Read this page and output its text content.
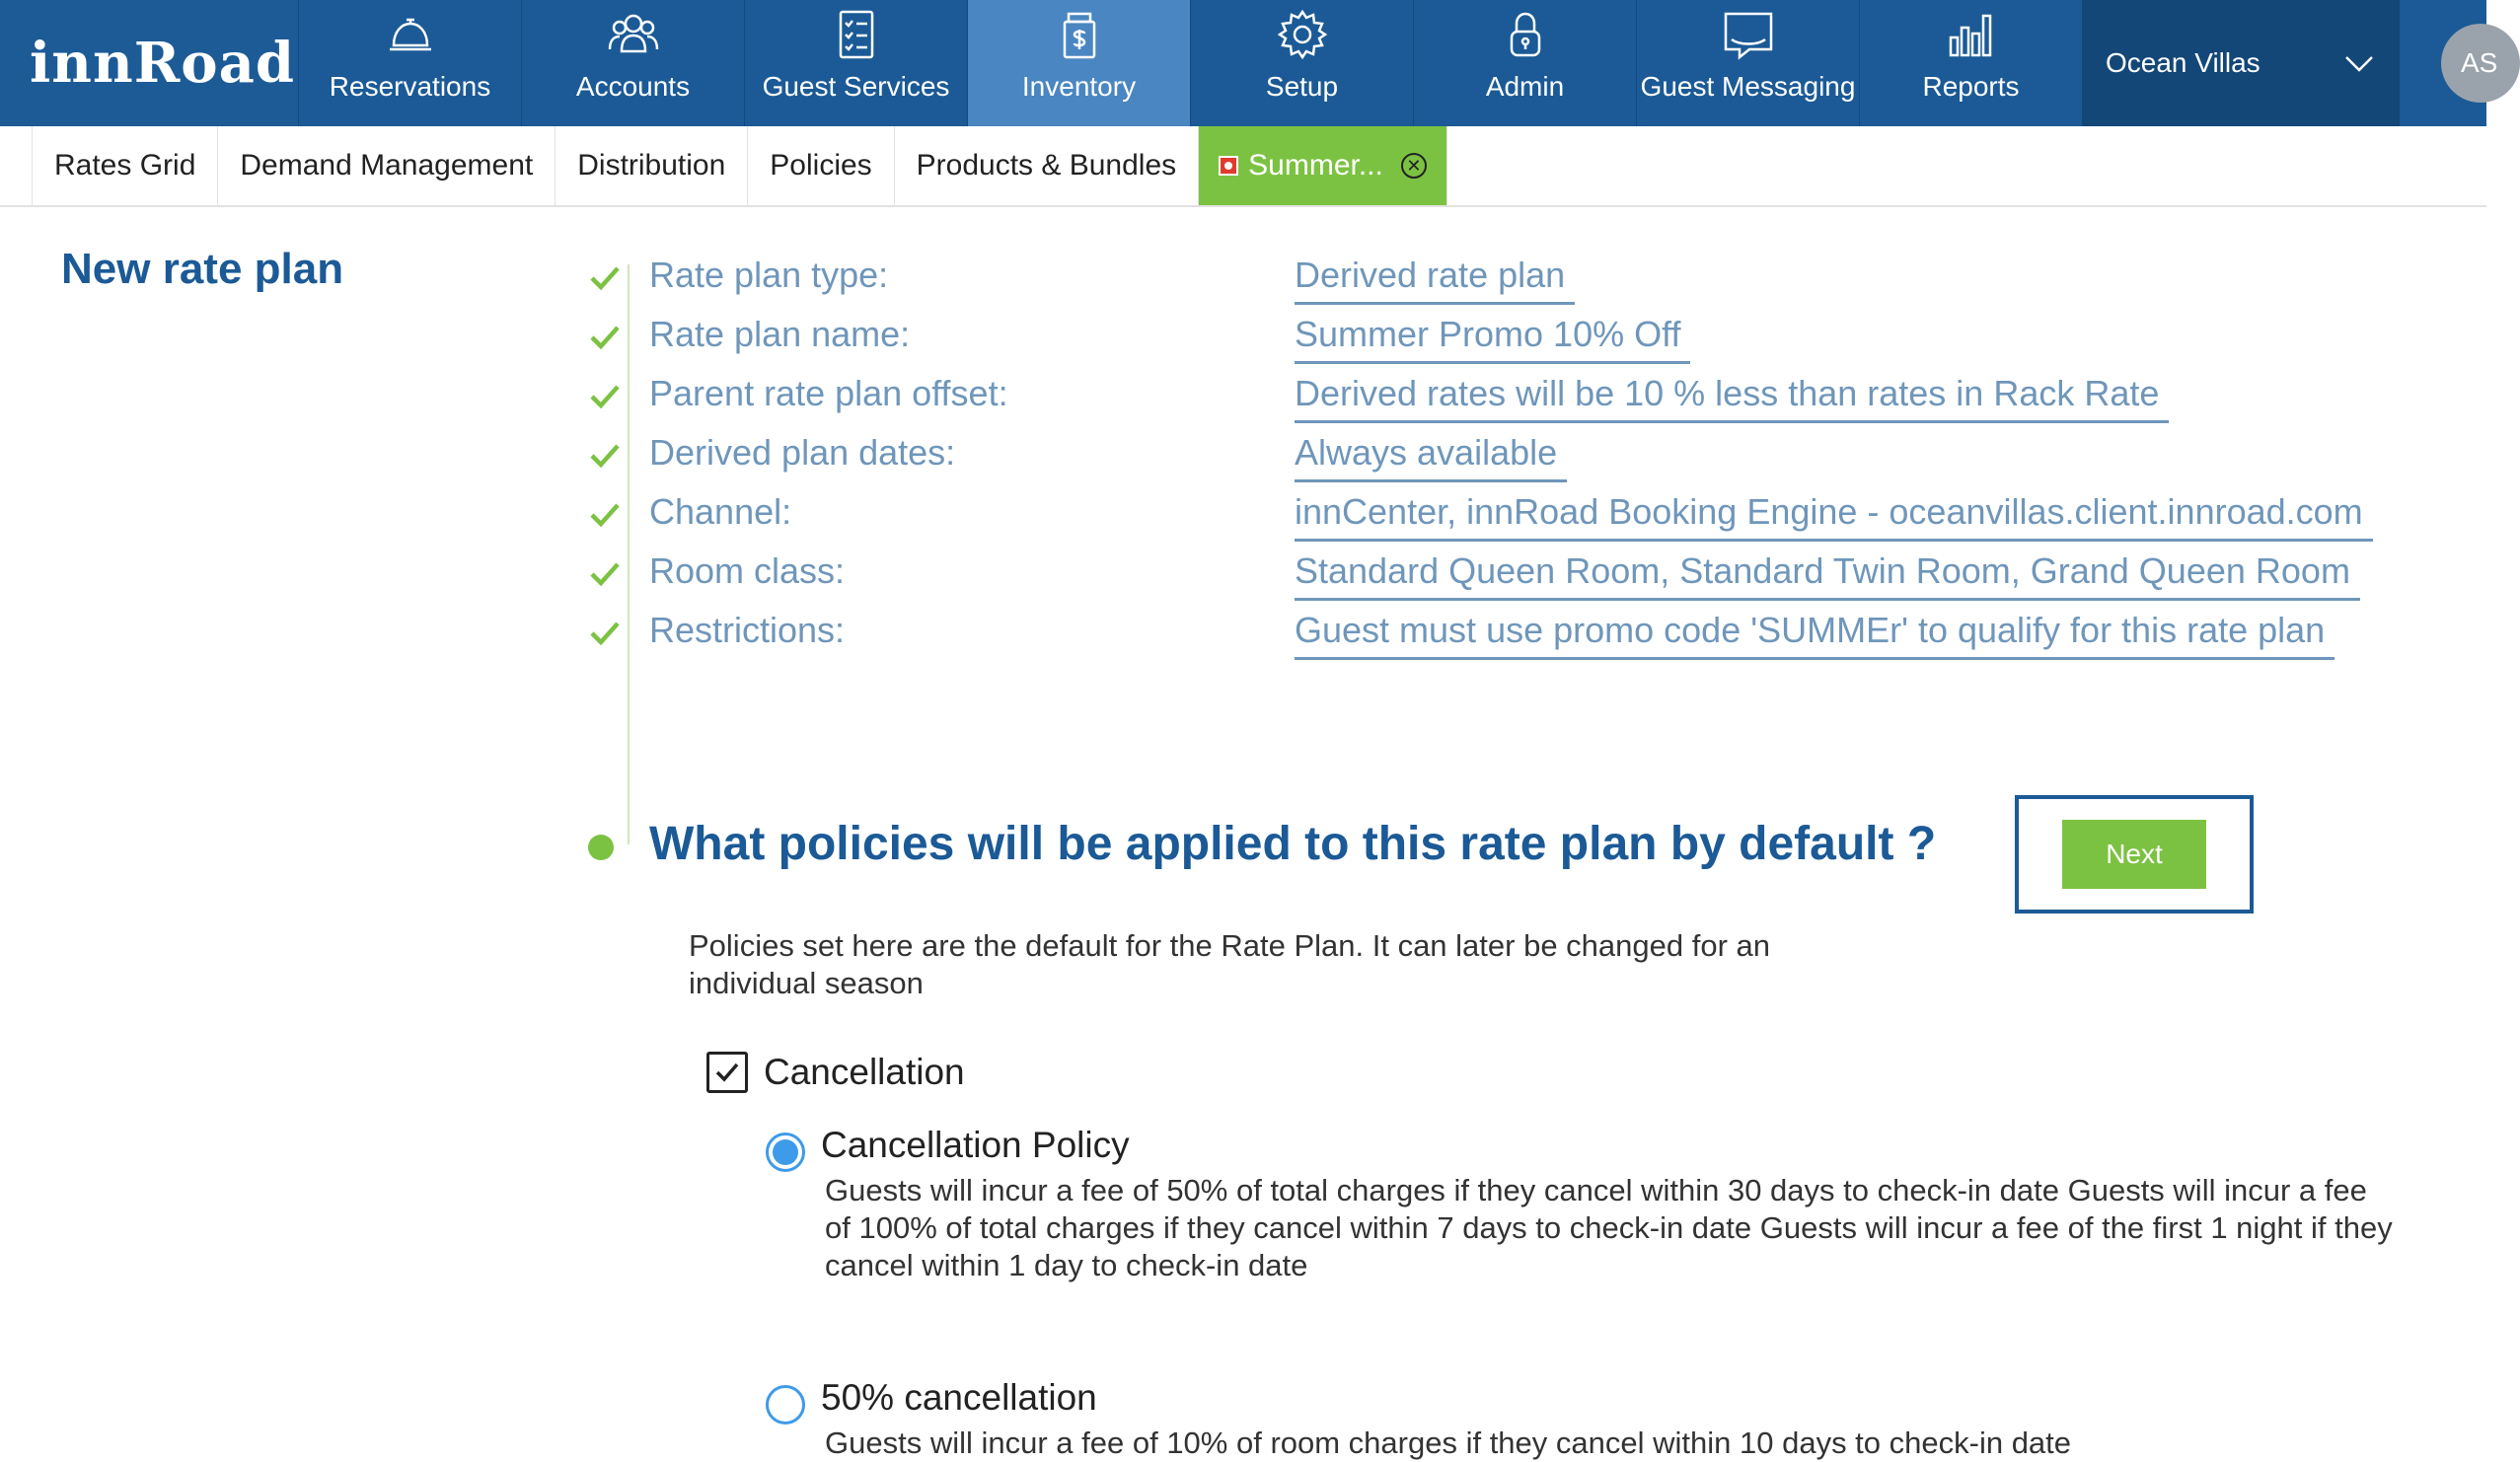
innRoad Reservations	Accounts	Guest Services	Inventory	Setup	Admin	Guest Messaging Reports
Ocean Villas	AS
Rates Grid Demand Management Distribution Policies Products & Bundles Summer...	✕
New rate plan	Rate plan type:	Derived rate plan
Rate plan name:	Summer Promo 10% Off
Parent rate plan offset:	Derived rates will be 10 % less than rates in Rack Rate
Derived plan dates:	Always available
Channel:	innCenter, innRoad Booking Engine - oceanvillas.client.innroad.com
Room class:	Standard Queen Room, Standard Twin Room, Grand Queen Room
Restrictions:	Guest must use promo code 'SUMMEr' to qualify for this rate plan
What policies will be applied to this rate plan by default ?	Next

Policies set here are the default for the Rate Plan. It can later be changed for an individual season

Cancellation
Cancellation Policy

Guests will incur a fee of 50% of total charges if they cancel within 30 days to check-in date Guests will incur a fee of 100% of total charges if they cancel within 7 days to check-in date Guests will incur a fee of the first 1 night if they cancel within 1 day to check-in date

50% cancellation

Guests will incur a fee of 10% of room charges if they cancel within 10 days to check-in date
